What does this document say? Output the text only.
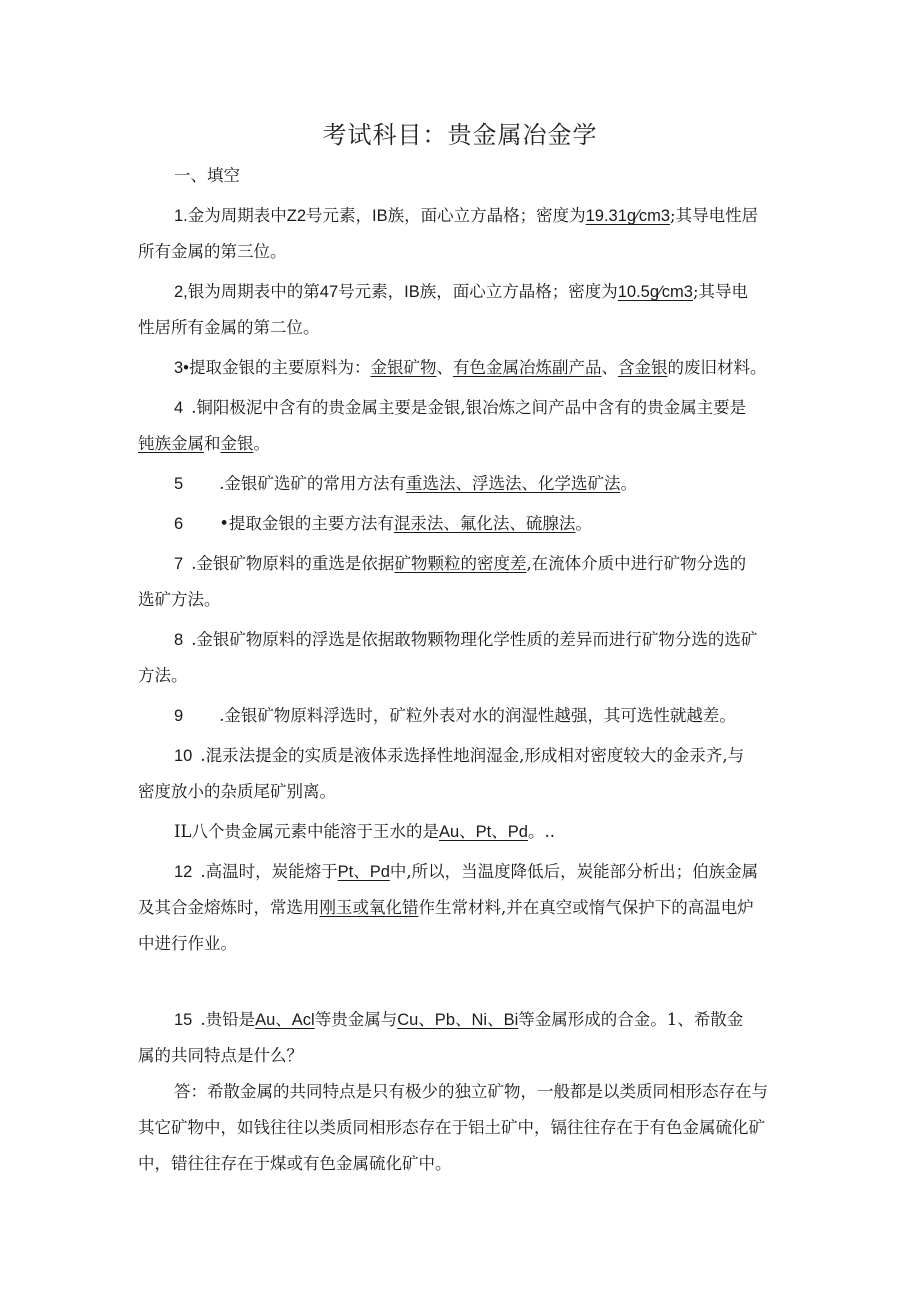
考试科目：贵金属冶金学

一、填空

1.金为周期表中Z2号元素，IB族，面心立方晶格；密度为19.31g∕cm3;其导电性居

所有金属的第三位。

2,银为周期表中的第47号元素，IB族，面心立方晶格；密度为10.5g∕cm3;其导电

性居所有金属的第二位。

3•提取金银的主要原料为：金银矿物、有色金属冶炼副产品、含金银的废旧材料。

4 .铜阳极泥中含有的贵金属主要是金银,银冶炼之间产品中含有的贵金属主要是

钝族金属和金银。

5 .金银矿选矿的常用方法有重选法、浮选法、化学选矿法。

6 •提取金银的主要方法有混汞法、氟化法、硫腺法。

7 .金银矿物原料的重选是依据矿物颗粒的密度差,在流体介质中进行矿物分选的

选矿方法。

8 .金银矿物原料的浮选是依据敢物颗物理化学性质的差异而进行矿物分选的选矿

方法。

9 .金银矿物原料浮选时，矿粒外表对水的润湿性越强，其可选性就越差。

10 .混汞法提金的实质是液体汞选择性地润湿金,形成相对密度较大的金汞齐,与

密度放小的杂质尾矿别离。

IL八个贵金属元素中能溶于王水的是Au、Pt、Pd。..

12 .高温时，炭能熔于Pt、Pd中,所以，当温度降低后，炭能部分析出；伯族金属

及其合金熔炼时，常选用刚玉或氧化错作生常材料,并在真空或惰气保护下的高温电炉

中进行作业。

15 .贵铅是Au、Acl等贵金属与Cu、Pb、Ni、Bi等金属形成的合金。1、希散金

属的共同特点是什么？

答：希散金属的共同特点是只有极少的独立矿物，一般都是以类质同相形态存在与

其它矿物中，如钱往往以类质同相形态存在于铝土矿中，镉往往存在于有色金属硫化矿

中，错往往存在于煤或有色金属硫化矿中。
